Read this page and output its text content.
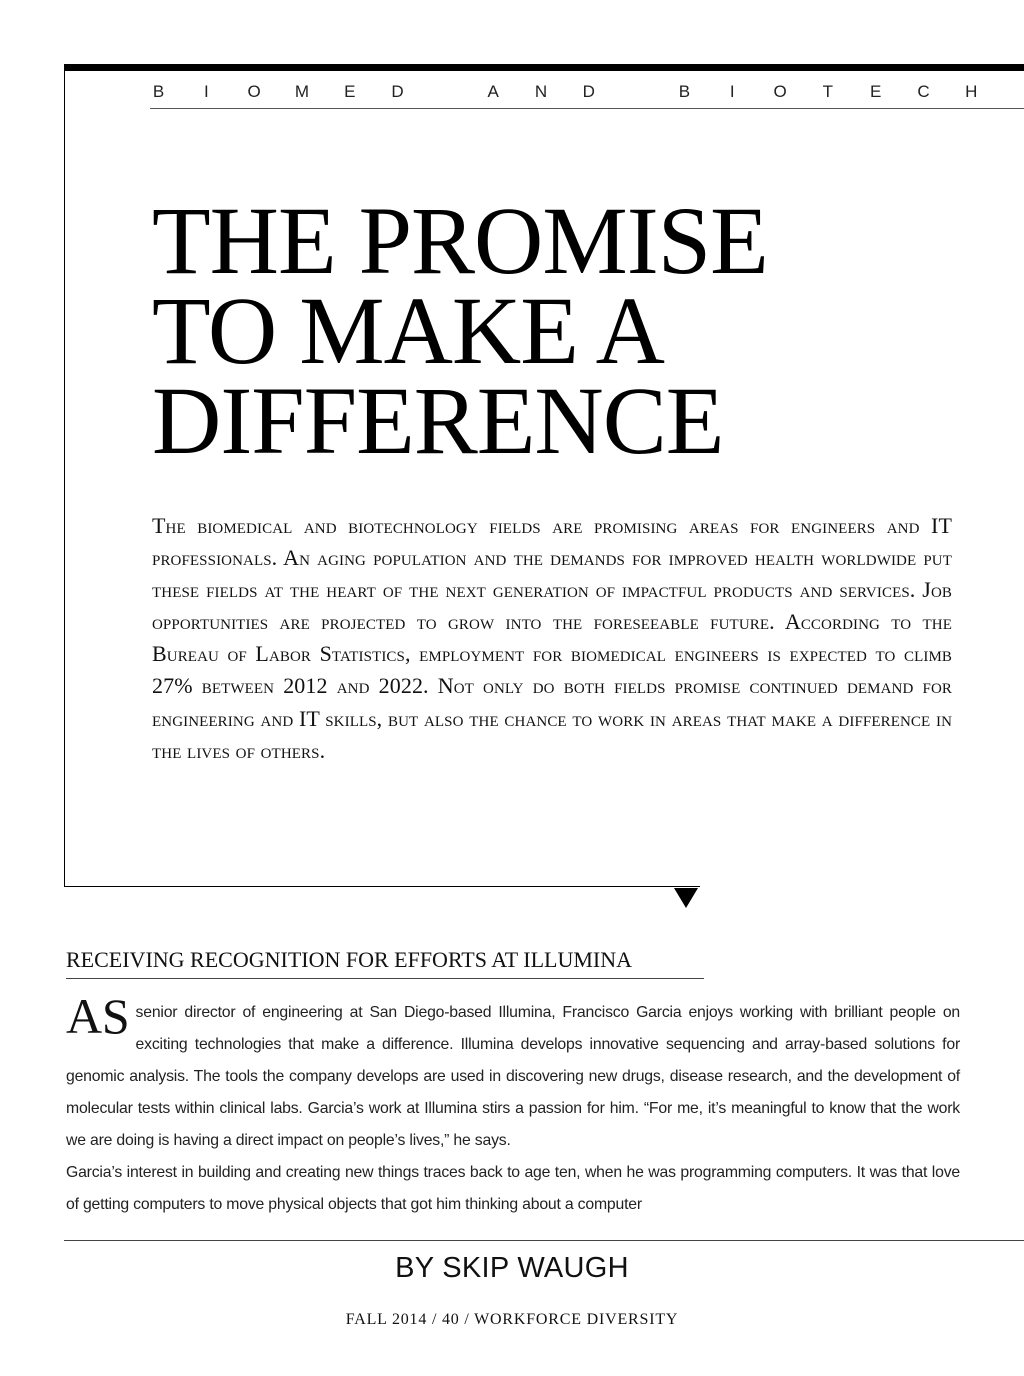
B	I	O M E D
	A N D
	B	I	O T E C H

THE PROMISE
TO MAKE A
DIFFERENCE

The biomedical and biotechnology fields are promising areas for engineers and IT professionals. An aging population and the demands for improved health worldwide put these fields at the heart of the next generation of impactful products and services. Job opportunities are projected to grow into the foreseeable future. According to the Bureau of Labor Statistics, employment for biomedical engineers is expected to climb 27% between 2012 and 2022. Not only do both fields promise continued demand for engineering and IT skills, but also the chance to work in areas that make a difference in the lives of others.

RECEIVING RECOGNITION FOR EFFORTS AT ILLUMINA

AS senior director of engineering at San Diego-based Illumina, Francisco Garcia enjoys working with brilliant people on exciting technologies that make a difference. Illumina develops innovative sequencing and array-based solutions for genomic analysis. The tools the company develops are used in discovering new drugs, disease research, and the development of molecular tests within clinical labs. Garcia’s work at Illumina stirs a passion for him. “For me, it’s meaningful to know that the work we are doing is having a direct impact on people’s lives,” he says.

Garcia’s interest in building and creating new things traces back to age ten, when he was programming computers. It was that love of getting computers to move physical objects that got him thinking about a computer

BY SKIP WAUGH

FALL 2014 / 40 / WORKFORCE DIVERSITY
